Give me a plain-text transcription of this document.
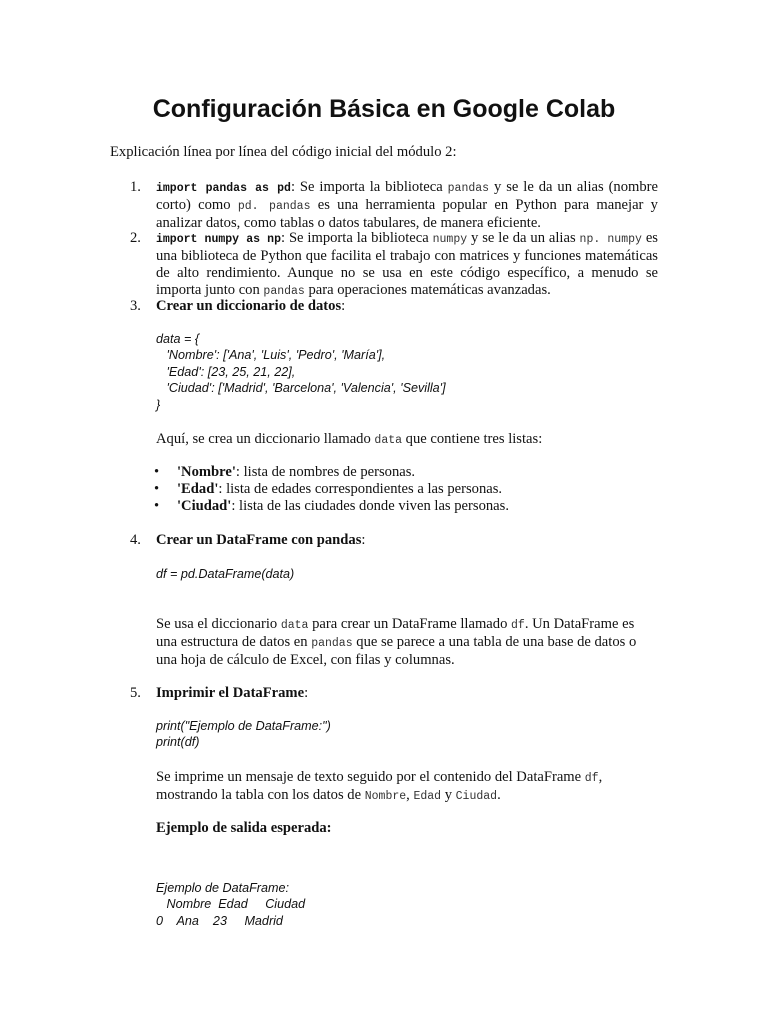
Configuración Básica en Google Colab

Explicación línea por línea del código inicial del módulo 2:

1. import pandas as pd: Se importa la biblioteca pandas y se le da un alias (nombre corto) como pd. pandas es una herramienta popular en Python para manejar y analizar datos, como tablas o datos tabulares, de manera eficiente.
2. import numpy as np: Se importa la biblioteca numpy y se le da un alias np. numpy es una biblioteca de Python que facilita el trabajo con matrices y funciones matemáticas de alto rendimiento. Aunque no se usa en este código específico, a menudo se importa junto con pandas para operaciones matemáticas avanzadas.
3. Crear un diccionario de datos:
data = {
'Nombre': ['Ana', 'Luis', 'Pedro', 'María'],
'Edad': [23, 25, 21, 22],
'Ciudad': ['Madrid', 'Barcelona', 'Valencia', 'Sevilla']
}
Aquí, se crea un diccionario llamado data que contiene tres listas:
• 'Nombre': lista de nombres de personas.
• 'Edad': lista de edades correspondientes a las personas.
• 'Ciudad': lista de las ciudades donde viven las personas.
4. Crear un DataFrame con pandas:
df = pd.DataFrame(data)
Se usa el diccionario data para crear un DataFrame llamado df. Un DataFrame es una estructura de datos en pandas que se parece a una tabla de una base de datos o una hoja de cálculo de Excel, con filas y columnas.
5. Imprimir el DataFrame:
print("Ejemplo de DataFrame:")
print(df)
Se imprime un mensaje de texto seguido por el contenido del DataFrame df, mostrando la tabla con los datos de Nombre, Edad y Ciudad.
Ejemplo de salida esperada:
Ejemplo de DataFrame:
Nombre  Edad     Ciudad
0    Ana    23     Madrid
